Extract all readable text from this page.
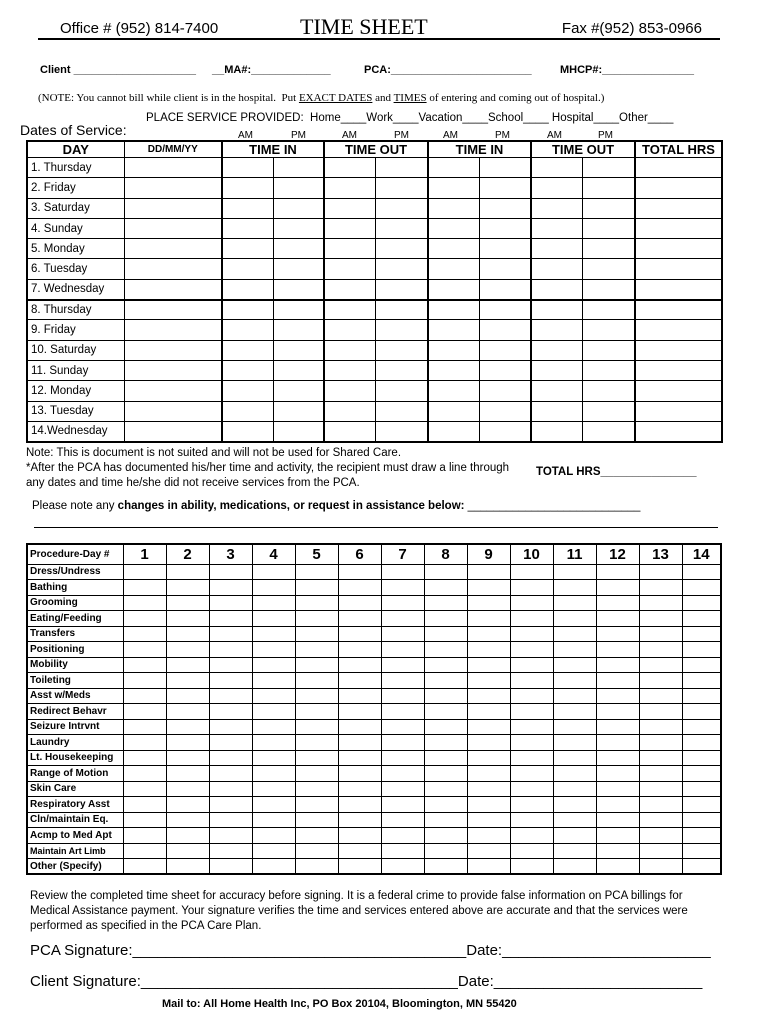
Office # (952) 814-7400	TIME SHEET	Fax #(952) 853-0966
Client ____________________ __MA#:_____________	PCA:_______________________	MHCP#:_______________
(NOTE: You cannot bill while client is in the hospital.  Put EXACT DATES and TIMES of entering and coming out of hospital.)
PLACE SERVICE PROVIDED:  Home____Work____Vacation____School____ Hospital____Other____
Dates of Service:	AM	PM	AM	PM	AM	PM	AM	PM
DAY	DD/MM/YY	TIME IN		TIME OUT		TIME IN		TIME OUT		TOTAL HRS
1. Thursday										
2. Friday										
3. Saturday										
4. Sunday										
5. Monday										
6. Tuesday										
7. Wednesday										
8. Thursday										
9. Friday										
10. Saturday										
11. Sunday										
12. Monday										
13. Tuesday										
14.Wednesday										
Note: This is document is not suited and will not be used for Shared Care.
*After the PCA has documented his/her time and activity, the recipient must draw a line through any dates and time he/she did not receive services from the PCA.
TOTAL HRS_______________
Please note any changes in ability, medications, or request in assistance below: ___________________________
Procedure-Day #	1	2	3	4	5	6	7	8	9	10	11	12	13	14
Dress/Undress														
Bathing														
Grooming														
Eating/Feeding														
Transfers														
Positioning														
Mobility														
Toileting														
Asst w/Meds														
Redirect Behavr														
Seizure Intrvnt														
Laundry														
Lt. Housekeeping														
Range of Motion														
Skin Care														
Respiratory Asst														
Cln/maintain Eq.														
Acmp to Med Apt														
Maintain Art Limb														
Other (Specify)														
Review the completed time sheet for accuracy before signing. It is a federal crime to provide false information on PCA billings for Medical Assistance payment. Your signature verifies the time and services entered above are accurate and that the services were performed as specified in the PCA Care Plan.
PCA Signature:________________________________________Date:_________________________
Client Signature:______________________________________Date:_________________________
Mail to: All Home Health Inc, PO Box 20104, Bloomington, MN 55420
